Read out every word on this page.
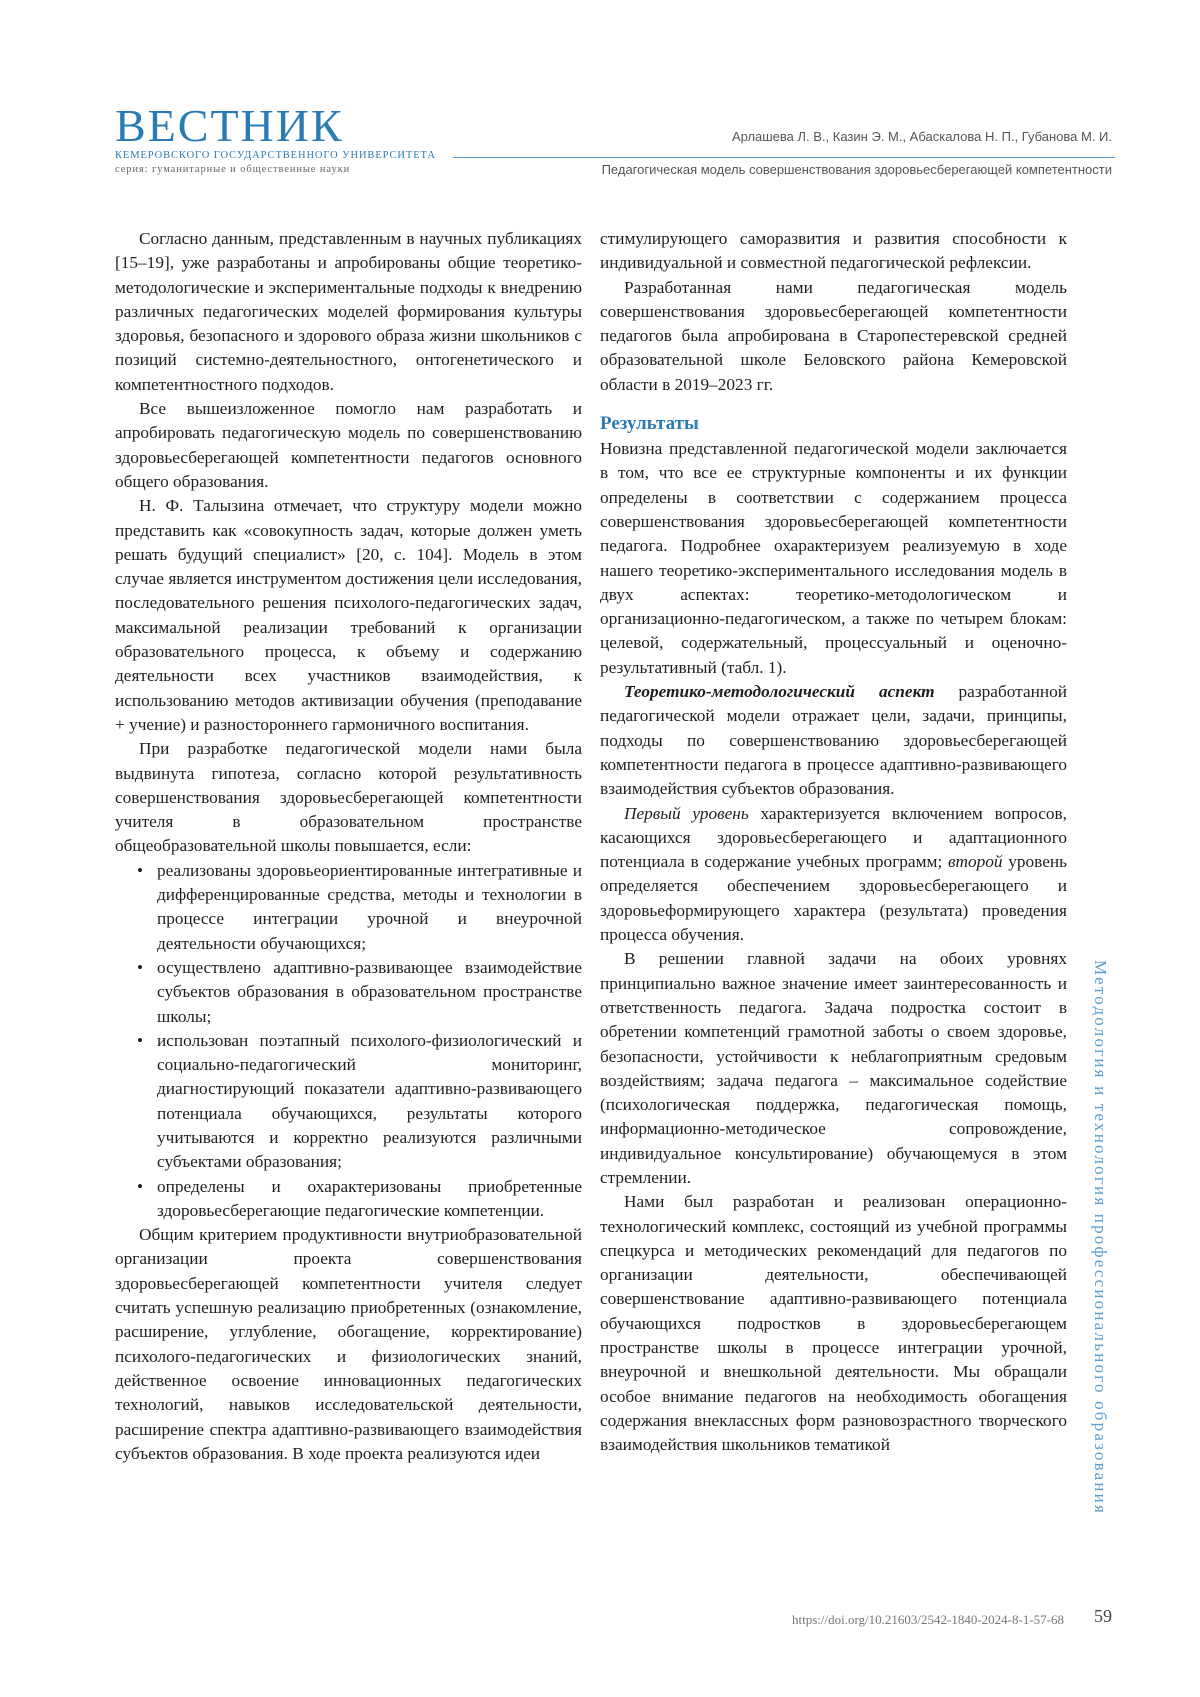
ВЕСТНИК
КЕМЕРОВСКОГО ГОСУДАРСТВЕННОГО УНИВЕРСИТЕТА
серия: гуманитарные и общественные науки
Арлашева Л. В., Казин Э. М., Абаскалова Н. П., Губанова М. И.
Педагогическая модель совершенствования здоровьесберегающей компетентности

Согласно данным, представленным в научных публикациях [15–19], уже разработаны и апробированы общие теоретико-методологические и экспериментальные подходы к внедрению различных педагогических моделей формирования культуры здоровья, безопасного и здорового образа жизни школьников с позиций системно-деятельностного, онтогенетического и компетентностного подходов.

Все вышеизложенное помогло нам разработать и апробировать педагогическую модель по совершенствованию здоровьесберегающей компетентности педагогов основного общего образования.

Н. Ф. Талызина отмечает, что структуру модели можно представить как «совокупность задач, которые должен уметь решать будущий специалист» [20, с. 104]. Модель в этом случае является инструментом достижения цели исследования, последовательного решения психолого-педагогических задач, максимальной реализации требований к организации образовательного процесса, к объему и содержанию деятельности всех участников взаимодействия, к использованию методов активизации обучения (преподавание + учение) и разностороннего гармоничного воспитания.

При разработке педагогической модели нами была выдвинута гипотеза, согласно которой результативность совершенствования здоровьесберегающей компетентности учителя в образовательном пространстве общеобразовательной школы повышается, если:

• реализованы здоровьеориентированные интегративные и дифференцированные средства, методы и технологии в процессе интеграции урочной и внеурочной деятельности обучающихся;
• осуществлено адаптивно-развивающее взаимодействие субъектов образования в образовательном пространстве школы;
• использован поэтапный психолого-физиологический и социально-педагогический мониторинг, диагностирующий показатели адаптивно-развивающего потенциала обучающихся, результаты которого учитываются и корректно реализуются различными субъектами образования;
• определены и охарактеризованы приобретенные здоровьесберегающие педагогические компетенции.

Общим критерием продуктивности внутриобразовательной организации проекта совершенствования здоровьесберегающей компетентности учителя следует считать успешную реализацию приобретенных (ознакомление, расширение, углубление, обогащение, корректирование) психолого-педагогических и физиологических знаний, действенное освоение инновационных педагогических технологий, навыков исследовательской деятельности, расширение спектра адаптивно-развивающего взаимодействия субъектов образования. В ходе проекта реализуются идеи

стимулирующего саморазвития и развития способности к индивидуальной и совместной педагогической рефлексии.

Разработанная нами педагогическая модель совершенствования здоровьесберегающей компетентности педагогов была апробирована в Старопестеревской средней образовательной школе Беловского района Кемеровской области в 2019–2023 гг.

Результаты

Новизна представленной педагогической модели заключается в том, что все ее структурные компоненты и их функции определены в соответствии с содержанием процесса совершенствования здоровьесберегающей компетентности педагога. Подробнее охарактеризуем реализуемую в ходе нашего теоретико-экспериментального исследования модель в двух аспектах: теоретико-методологическом и организационно-педагогическом, а также по четырем блокам: целевой, содержательный, процессуальный и оценочно-результативный (табл. 1).

Теоретико-методологический аспект разработанной педагогической модели отражает цели, задачи, принципы, подходы по совершенствованию здоровьесберегающей компетентности педагога в процессе адаптивно-развивающего взаимодействия субъектов образования.

Первый уровень характеризуется включением вопросов, касающихся здоровьесберегающего и адаптационного потенциала в содержание учебных программ; второй уровень определяется обеспечением здоровьесберегающего и здоровьеформирующего характера (результата) проведения процесса обучения.

В решении главной задачи на обоих уровнях принципиально важное значение имеет заинтересованность и ответственность педагога. Задача подростка состоит в обретении компетенций грамотной заботы о своем здоровье, безопасности, устойчивости к неблагоприятным средовым воздействиям; задача педагога – максимальное содействие (психологическая поддержка, педагогическая помощь, информационно-методическое сопровождение, индивидуальное консультирование) обучающемуся в этом стремлении.

Нами был разработан и реализован операционно-технологический комплекс, состоящий из учебной программы спецкурса и методических рекомендаций для педагогов по организации деятельности, обеспечивающей совершенствование адаптивно-развивающего потенциала обучающихся подростков в здоровьесберегающем пространстве школы в процессе интеграции урочной, внеурочной и внешкольной деятельности. Мы обращали особое внимание педагогов на необходимость обогащения содержания внеклассных форм разновозрастного творческого взаимодействия школьников тематикой	Методология и технология профессионального образования
https://doi.org/10.21603/2542-1840-2024-8-1-57-68 59
